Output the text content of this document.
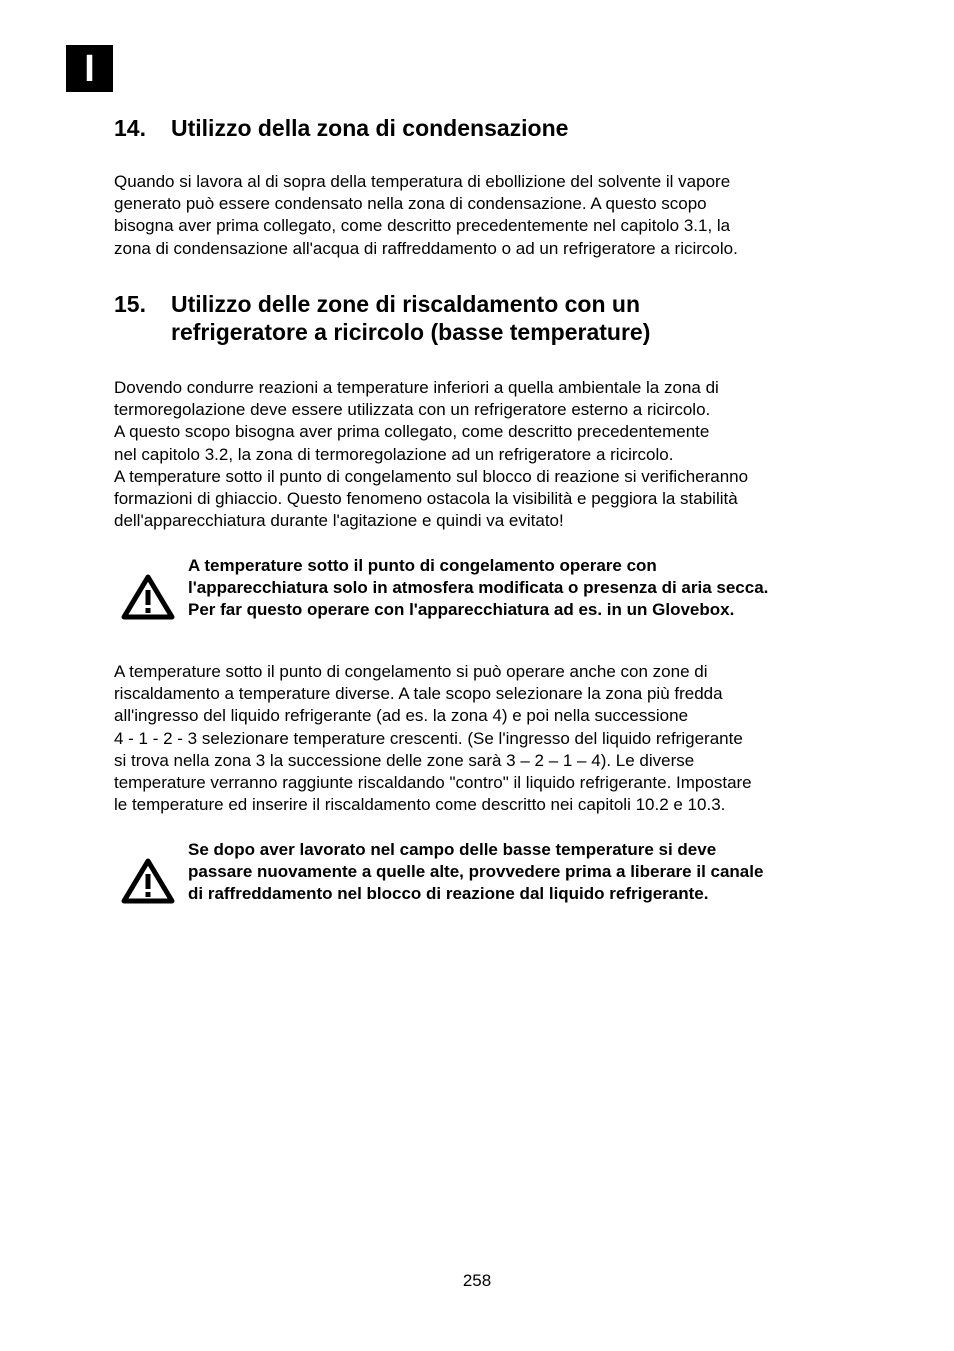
I
14. Utilizzo della zona di condensazione

Quando si lavora al di sopra della temperatura di ebollizione del solvente il vapore
generato può essere condensato nella zona di condensazione. A questo scopo
bisogna aver prima collegato, come descritto precedentemente nel capitolo 3.1, la
zona di condensazione all'acqua di raffreddamento o ad un refrigeratore a ricircolo.

15. Utilizzo delle zone di riscaldamento con un
refrigeratore a ricircolo (basse temperature)

Dovendo condurre reazioni a temperature inferiori a quella ambientale la zona di
termoregolazione deve essere utilizzata con un refrigeratore esterno a ricircolo.
A questo scopo bisogna aver prima collegato, come descritto precedentemente
nel capitolo 3.2, la zona di termoregolazione ad un refrigeratore a ricircolo.
A temperature sotto il punto di congelamento sul blocco di reazione si verificheranno
formazioni di ghiaccio. Questo fenomeno ostacola la visibilità e peggiora la stabilità
dell'apparecchiatura durante l'agitazione e quindi va evitato!

A temperature sotto il punto di congelamento operare con
l'apparecchiatura solo in atmosfera modificata o presenza di aria secca.
Per far questo operare con l'apparecchiatura ad es. in un Glovebox.

A temperature sotto il punto di congelamento si può operare anche con zone di
riscaldamento a temperature diverse. A tale scopo selezionare la zona più fredda
all'ingresso del liquido refrigerante (ad es. la zona 4) e poi nella successione
4 - 1 - 2 - 3 selezionare temperature crescenti. (Se l'ingresso del liquido refrigerante
si trova nella zona 3 la successione delle zone sarà 3 – 2 – 1 – 4). Le diverse
temperature verranno raggiunte riscaldando "contro" il liquido refrigerante. Impostare
le temperature ed inserire il riscaldamento come descritto nei capitoli 10.2 e 10.3.

Se dopo aver lavorato nel campo delle basse temperature si deve
passare nuovamente a quelle alte, provvedere prima a liberare il canale
di raffreddamento nel blocco di reazione dal liquido refrigerante.
258
